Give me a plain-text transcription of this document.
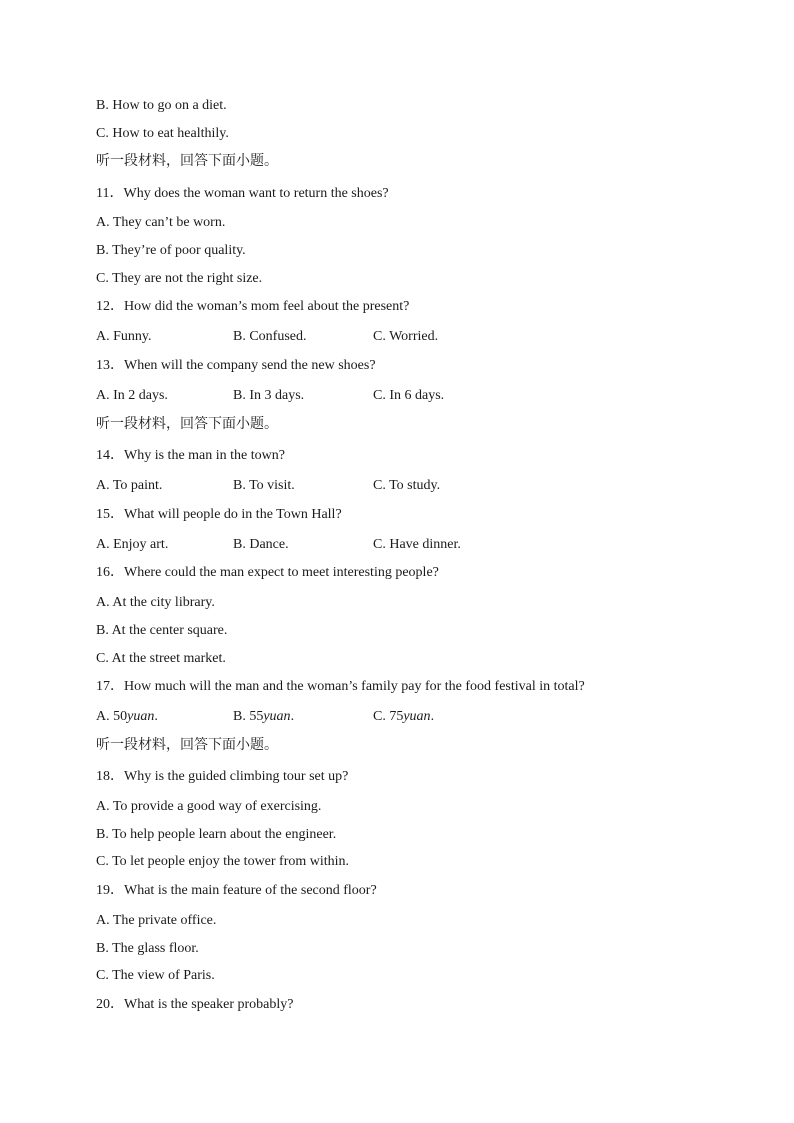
B. How to go on a diet.
C. How to eat healthily.
听一段材料，回答下面小题。
11．Why does the woman want to return the shoes?
A. They can’t be worn.
B. They’re of poor quality.
C. They are not the right size.
12．How did the woman’s mom feel about the present?
A. Funny.	B. Confused.	C. Worried.
13．When will the company send the new shoes?
A. In 2 days.	B. In 3 days.	C. In 6 days.
听一段材料，回答下面小题。
14．Why is the man in the town?
A. To paint.	B. To visit.	C. To study.
15．What will people do in the Town Hall?
A. Enjoy art.	B. Dance.	C. Have dinner.
16．Where could the man expect to meet interesting people?
A. At the city library.
B. At the center square.
C. At the street market.
17．How much will the man and the woman’s family pay for the food festival in total?
A. 50yuan.	B. 55yuan.	C. 75yuan.
听一段材料，回答下面小题。
18．Why is the guided climbing tour set up?
A. To provide a good way of exercising.
B. To help people learn about the engineer.
C. To let people enjoy the tower from within.
19．What is the main feature of the second floor?
A. The private office.
B. The glass floor.
C. The view of Paris.
20．What is the speaker probably?
